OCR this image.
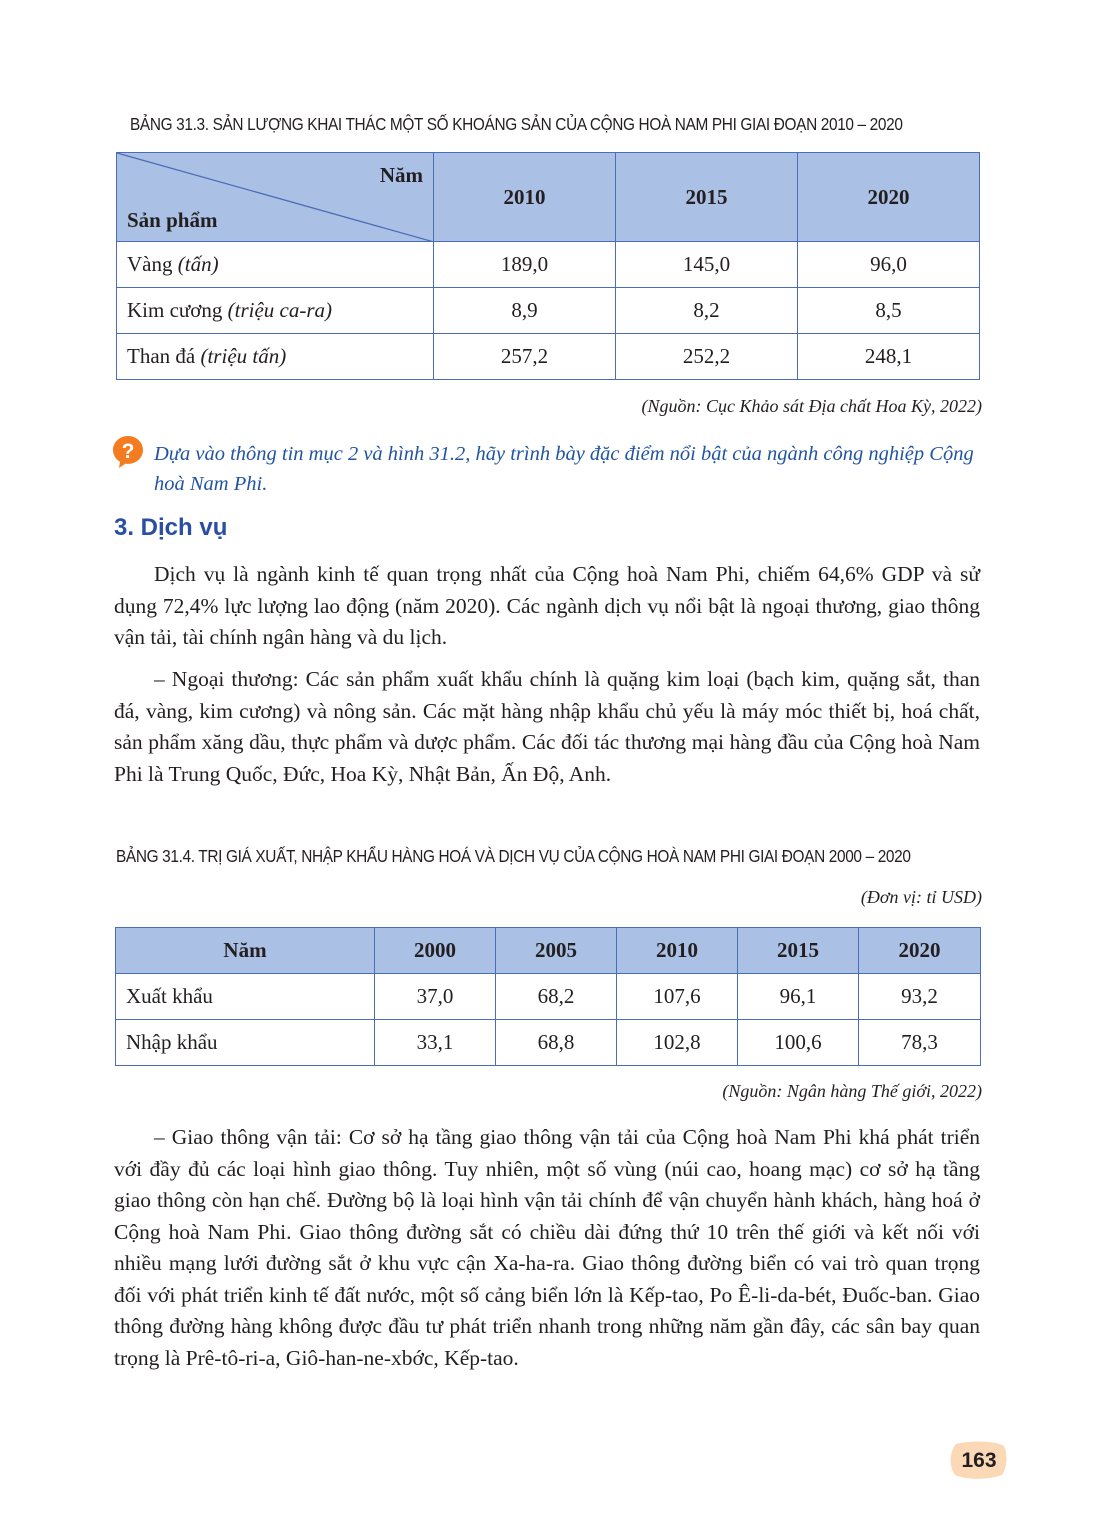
BẢNG 31.3. SẢN LƯỢNG KHAI THÁC MỘT SỐ KHOÁNG SẢN CỦA CỘNG HOÀ NAM PHI GIAI ĐOẠN 2010 – 2020
Năm
Sản phẩm	2010	2015	2020
Vàng (tấn)	189,0	145,0	96,0
Kim cương (triệu ca-ra)	8,9	8,2	8,5
Than đá (triệu tấn)	257,2	252,2	248,1
(Nguồn: Cục Khảo sát Địa chất Hoa Kỳ, 2022)
? Dựa vào thông tin mục 2 và hình 31.2, hãy trình bày đặc điểm nổi bật của ngành công nghiệp Cộng hoà Nam Phi.
3. Dịch vụ

Dịch vụ là ngành kinh tế quan trọng nhất của Cộng hoà Nam Phi, chiếm 64,6% GDP và sử dụng 72,4% lực lượng lao động (năm 2020). Các ngành dịch vụ nổi bật là ngoại thương, giao thông vận tải, tài chính ngân hàng và du lịch.

– Ngoại thương: Các sản phẩm xuất khẩu chính là quặng kim loại (bạch kim, quặng sắt, than đá, vàng, kim cương) và nông sản. Các mặt hàng nhập khẩu chủ yếu là máy móc thiết bị, hoá chất, sản phẩm xăng dầu, thực phẩm và dược phẩm. Các đối tác thương mại hàng đầu của Cộng hoà Nam Phi là Trung Quốc, Đức, Hoa Kỳ, Nhật Bản, Ấn Độ, Anh.

BẢNG 31.4. TRỊ GIÁ XUẤT, NHẬP KHẨU HÀNG HOÁ VÀ DỊCH VỤ CỦA CỘNG HOÀ NAM PHI GIAI ĐOẠN 2000 – 2020
(Đơn vị: tỉ USD)
Năm	2000	2005	2010	2015	2020
Xuất khẩu	37,0	68,2	107,6	96,1	93,2
Nhập khẩu	33,1	68,8	102,8	100,6	78,3
(Nguồn: Ngân hàng Thế giới, 2022)

– Giao thông vận tải: Cơ sở hạ tầng giao thông vận tải của Cộng hoà Nam Phi khá phát triển với đầy đủ các loại hình giao thông. Tuy nhiên, một số vùng (núi cao, hoang mạc) cơ sở hạ tầng giao thông còn hạn chế. Đường bộ là loại hình vận tải chính để vận chuyển hành khách, hàng hoá ở Cộng hoà Nam Phi. Giao thông đường sắt có chiều dài đứng thứ 10 trên thế giới và kết nối với nhiều mạng lưới đường sắt ở khu vực cận Xa-ha-ra. Giao thông đường biển có vai trò quan trọng đối với phát triển kinh tế đất nước, một số cảng biển lớn là Kếp-tao, Po Ê-li-da-bét, Đuốc-ban. Giao thông đường hàng không được đầu tư phát triển nhanh trong những năm gần đây, các sân bay quan trọng là Prê-tô-ri-a, Giô-han-ne-xbớc, Kếp-tao.

163
